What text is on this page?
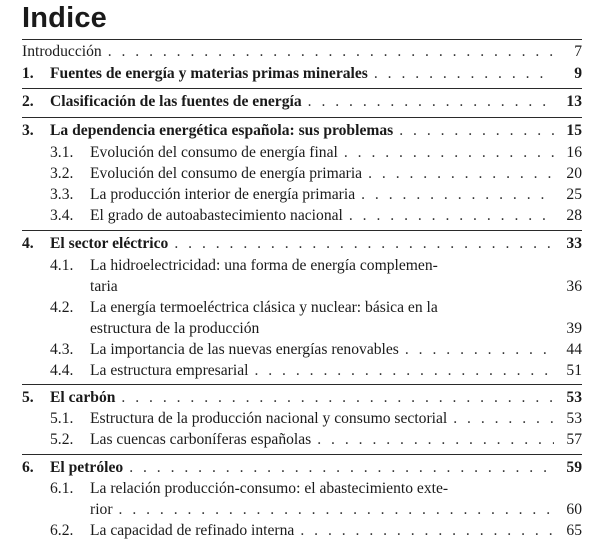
Indice
Introducción . . .	7
1. Fuentes de energía y materias primas minerales . . .	9
2. Clasificación de las fuentes de energía . . .	13
3. La dependencia energética española: sus problemas . . .	15
3.1. Evolución del consumo de energía final . . .	16
3.2. Evolución del consumo de energía primaria . . .	20
3.3. La producción interior de energía primaria . . .	25
3.4. El grado de autoabastecimiento nacional . . .	28
4. El sector eléctrico . . .	33
4.1. La hidroelectricidad: una forma de energía complemen-
taria	36
4.2. La energía termoeléctrica clásica y nuclear: básica en la
estructura de la producción	39
4.3. La importancia de las nuevas energías renovables . . .	44
4.4. La estructura empresarial . . .	51
5. El carbón . . .	53
5.1. Estructura de la producción nacional y consumo sectorial . . .	53
5.2. Las cuencas carboníferas españolas . . .	57
6. El petróleo . . .	59
6.1. La relación producción-consumo: el abastecimiento exte-
rior . . .	60
6.2. La capacidad de refinado interna . . .	65
